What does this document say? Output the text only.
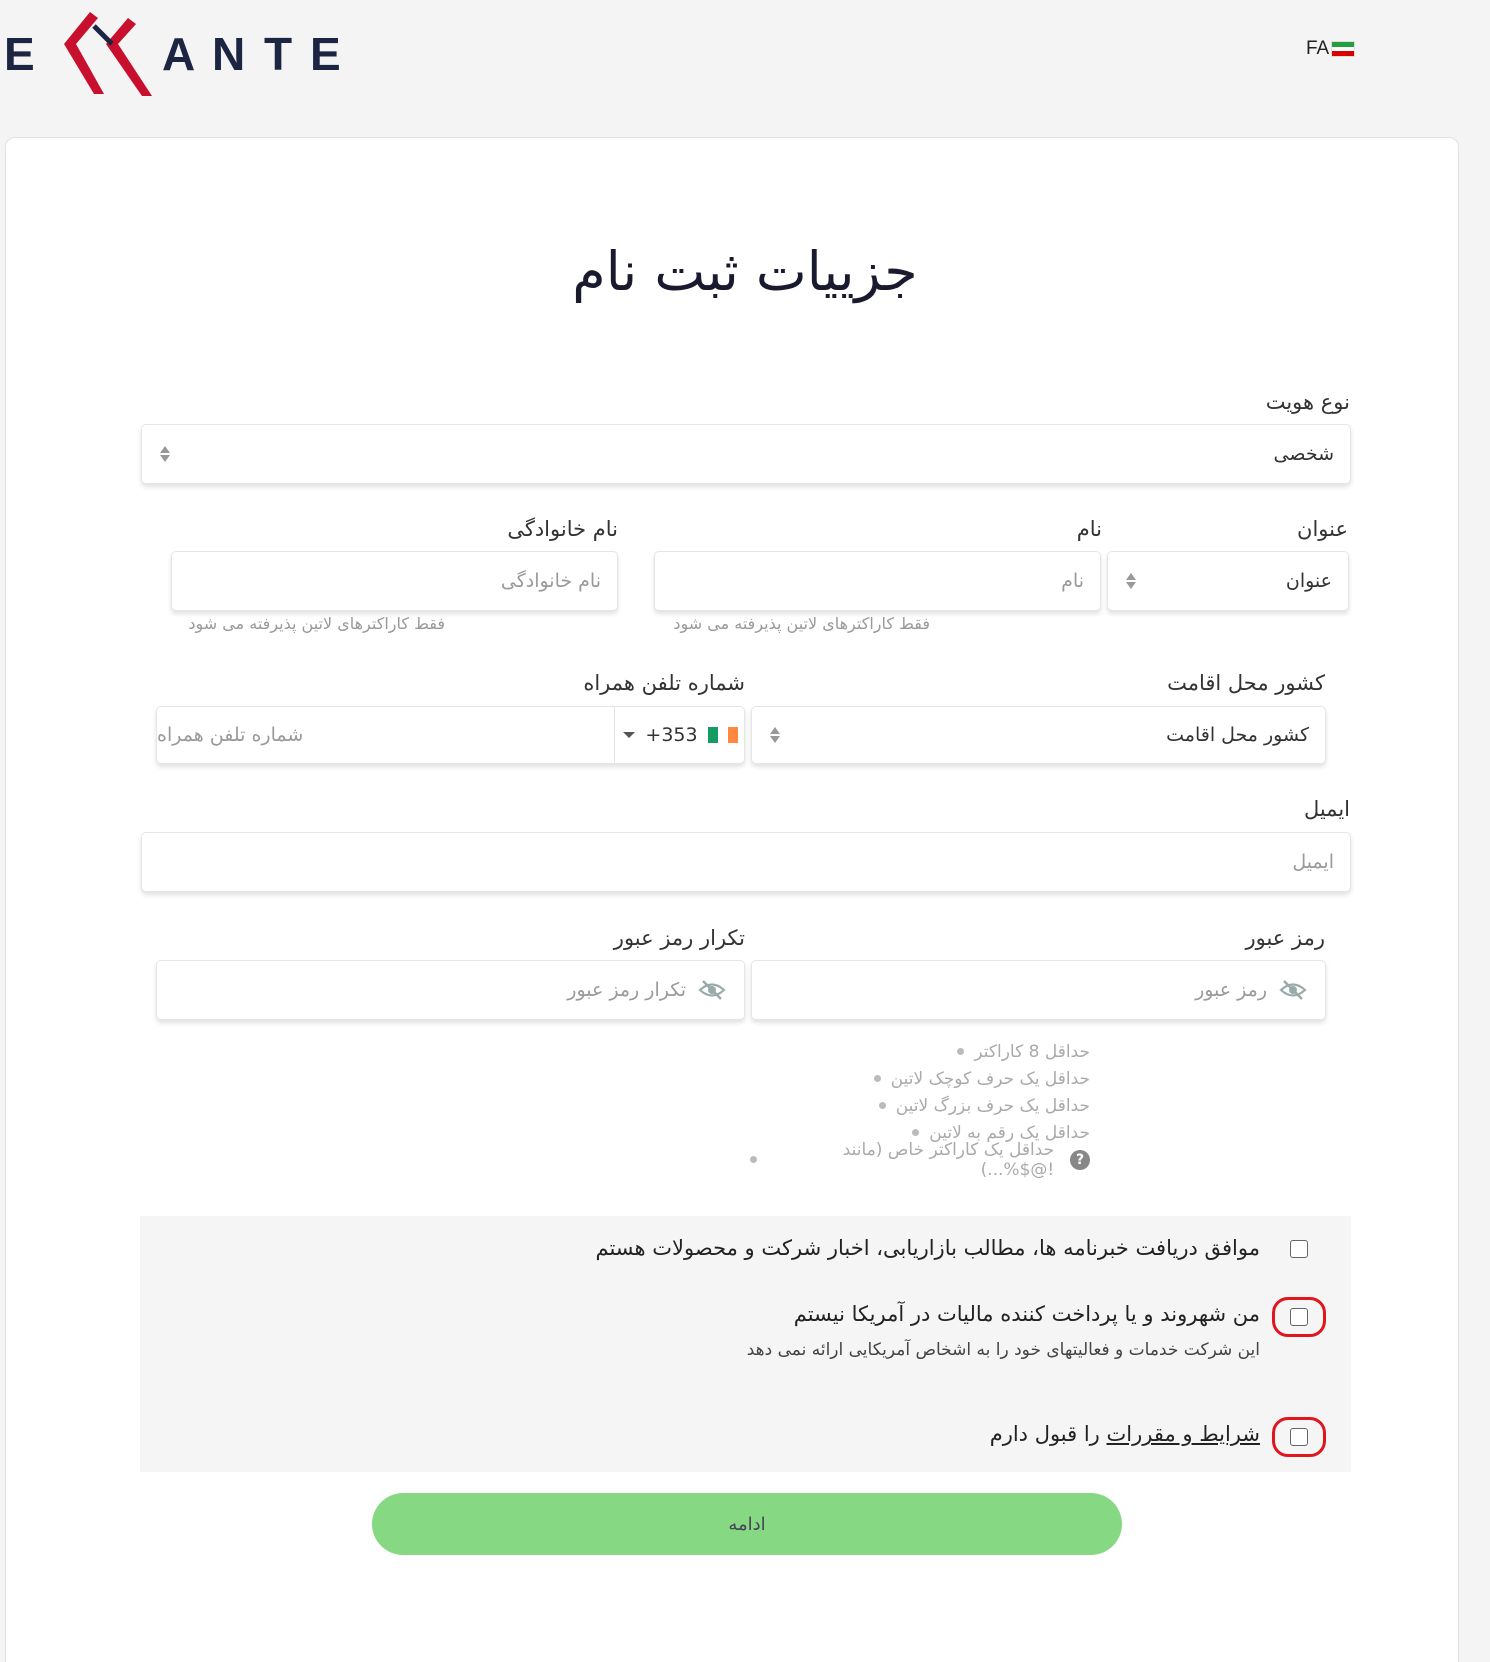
E	A N T E	FA
جزییات ثبت نام
نوع هویت
شخصی
عنوان
عنوان
نام
نام
فقط کاراکترهای لاتین پذیرفته می شود
نام خانوادگی
نام خانوادگی
فقط کاراکترهای لاتین پذیرفته می شود
کشور محل اقامت
کشور محل اقامت
شماره تلفن همراه
شماره تلفن همراه	+353
ایمیل
ایمیل
رمز عبور
رمز عبور
تکرار رمز عبور
تکرار رمز عبور
حداقل 8 کاراکتر
حداقل یک حرف کوچک لاتین
حداقل یک حرف بزرگ لاتین
حداقل یک رقم به لاتین
حداقل یک کاراکتر خاص (مانند !@$%...)	?
موافق دریافت خبرنامه ها، مطالب بازاریابی، اخبار شرکت و محصولات هستم
من شهروند و یا پرداخت کننده مالیات در آمریکا نیستم
این شرکت خدمات و فعالیتهای خود را به اشخاص آمریکایی ارائه نمی دهد
شرایط و مقررات را قبول دارم
ادامه
